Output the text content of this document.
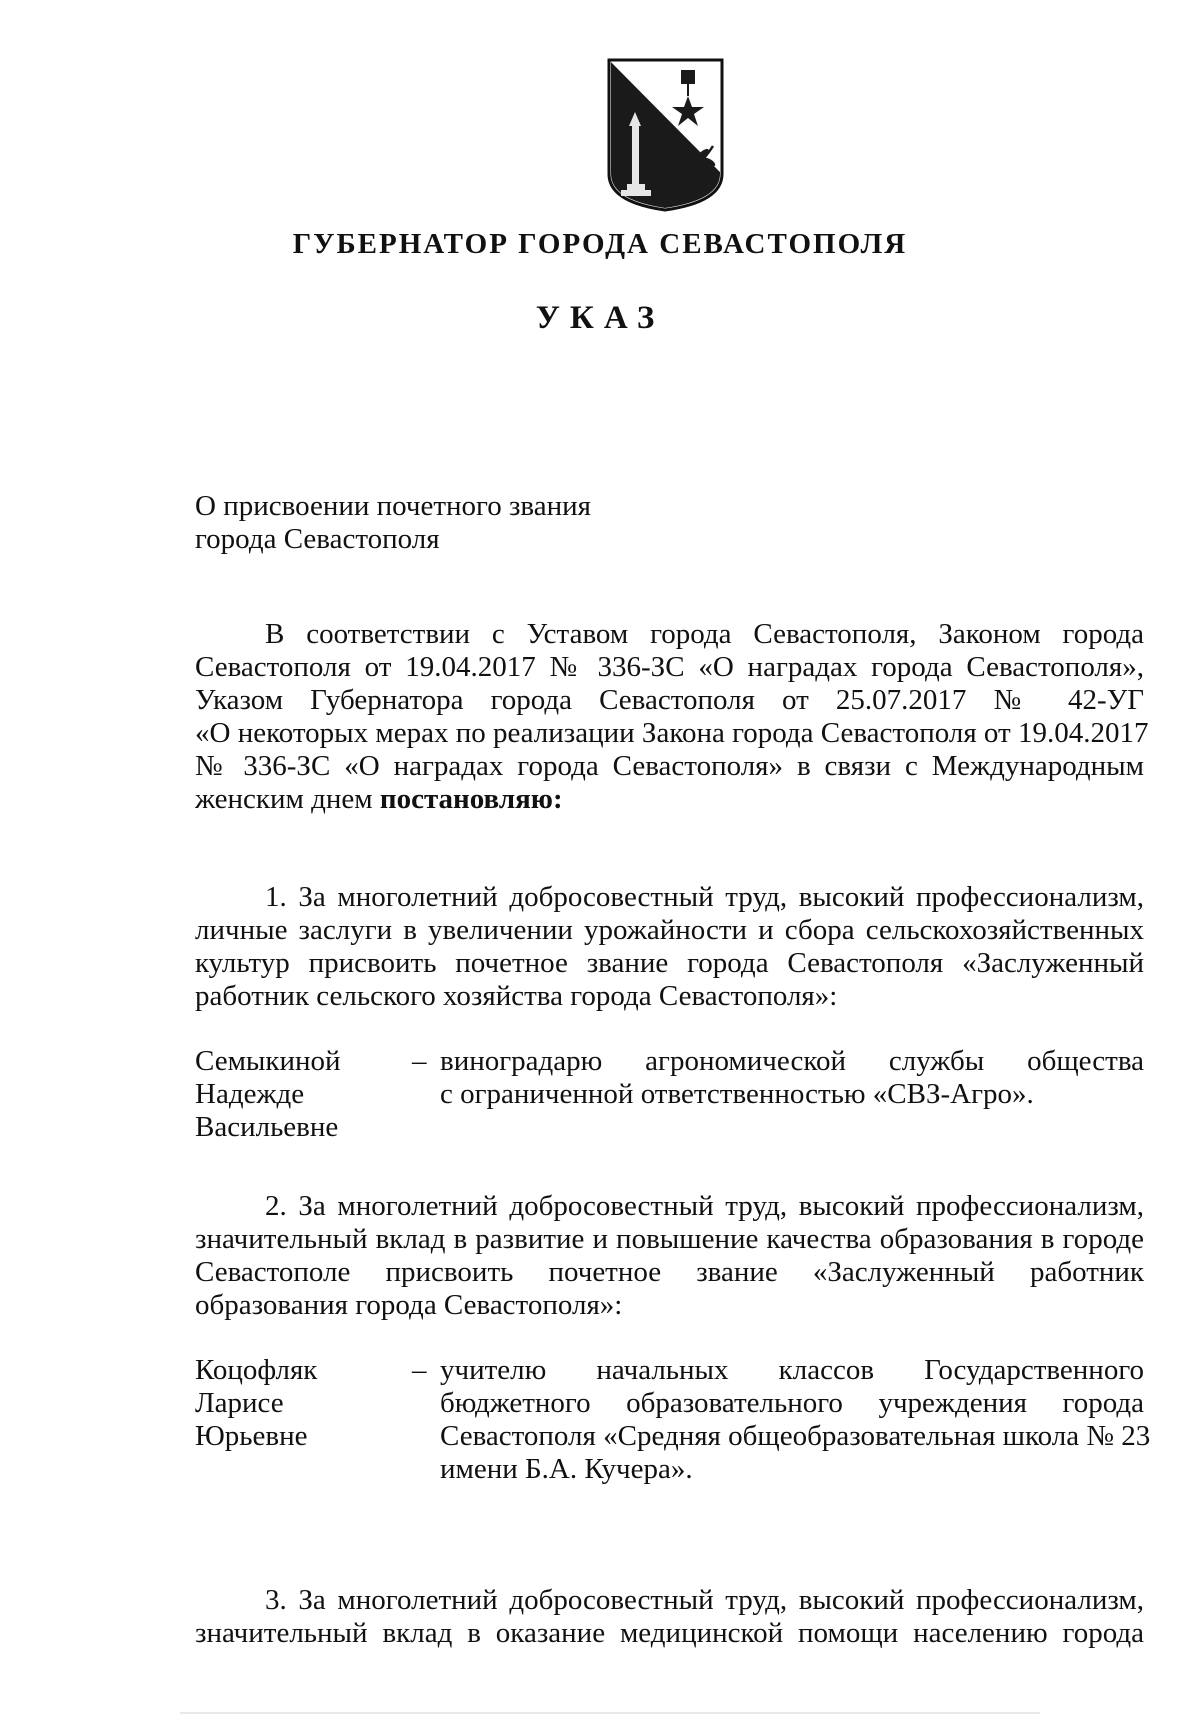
ГУБЕРНАТОР ГОРОДА СЕВАСТОПОЛЯ
УКАЗ
О присвоении почетного звания
города Севастополя
В соответствии с Уставом города Севастополя, Законом города
Севастополя от 19.04.2017 № 336-ЗС «О наградах города Севастополя»,
Указом Губернатора города Севастополя от 25.07.2017 № 42-УГ
«О некоторых мерах по реализации Закона города Севастополя от 19.04.2017
№ 336-ЗС «О наградах города Севастополя» в связи с Международным
женским днем постановляю:
1. За многолетний добросовестный труд, высокий профессионализм,
личные заслуги в увеличении урожайности и сбора сельскохозяйственных
культур присвоить почетное звание города Севастополя «Заслуженный
работник сельского хозяйства города Севастополя»:
Семыкиной
Надежде
Васильевне
– виноградарю агрономической службы общества
с ограниченной ответственностью «СВЗ-Агро».
2. За многолетний добросовестный труд, высокий профессионализм,
значительный вклад в развитие и повышение качества образования в городе
Севастополе присвоить почетное звание «Заслуженный работник
образования города Севастополя»:
Коцофляк
Ларисе
Юрьевне
– учителю начальных классов Государственного
бюджетного образовательного учреждения города
Севастополя «Средняя общеобразовательная школа № 23
имени Б.А. Кучера».
3. За многолетний добросовестный труд, высокий профессионализм,
значительный вклад в оказание медицинской помощи населению города
